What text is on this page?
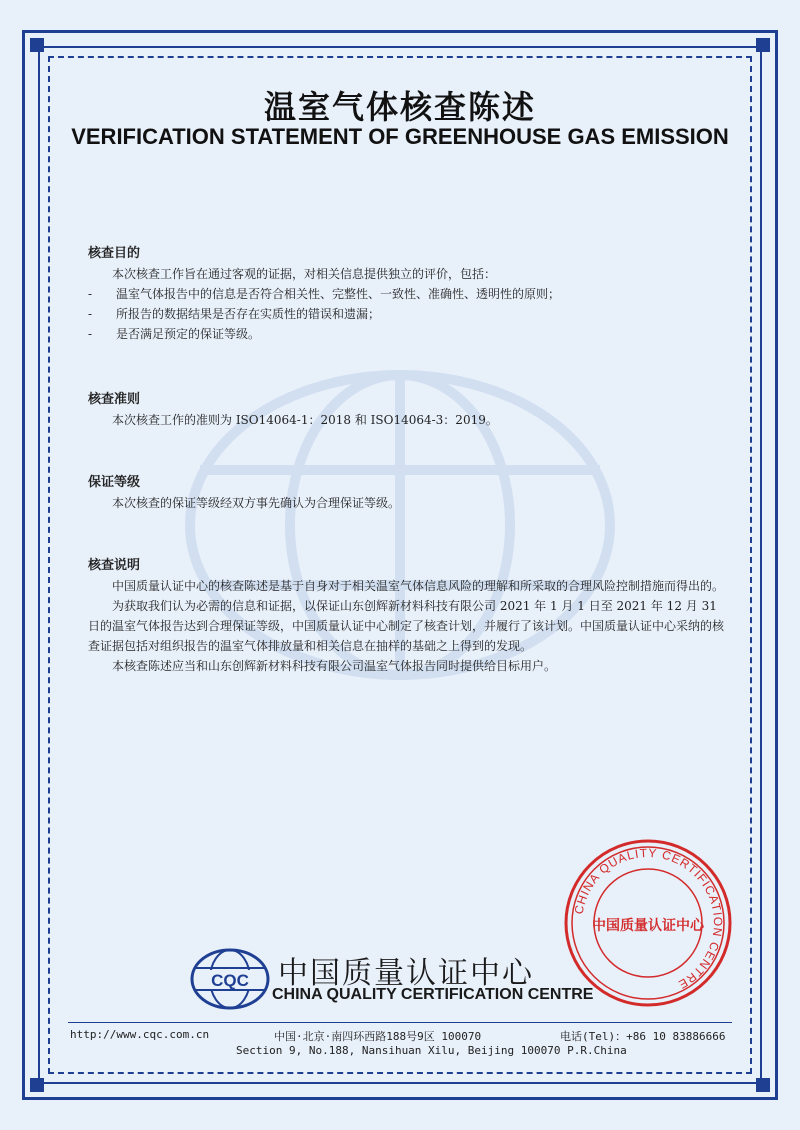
温室气体核查陈述
VERIFICATION STATEMENT OF GREENHOUSE GAS EMISSION
核查目的

本次核查工作旨在通过客观的证据，对相关信息提供独立的评价，包括：

-	温室气体报告中的信息是否符合相关性、完整性、一致性、准确性、透明性的原则；
-	所报告的数据结果是否存在实质性的错误和遗漏；
-	是否满足预定的保证等级。
核查准则

本次核查工作的准则为 ISO14064-1：2018 和 ISO14064-3：2019。

保证等级

本次核查的保证等级经双方事先确认为合理保证等级。

核查说明

中国质量认证中心的核查陈述是基于自身对于相关温室气体信息风险的理解和所采取的合理风险控制措施而得出的。

为获取我们认为必需的信息和证据，以保证山东创辉新材料科技有限公司 2021 年 1 月 1 日至 2021 年 12 月 31 日的温室气体报告达到合理保证等级，中国质量认证中心制定了核查计划，并履行了该计划。中国质量认证中心采纳的核查证据包括对组织报告的温室气体排放量和相关信息在抽样的基础之上得到的发现。

本核查陈述应当和山东创辉新材料科技有限公司温室气体报告同时提供给目标用户。

CHINA QUALITY CERTIFICATION CENTRE
中国质量认证中心
CQC 中国质量认证中心
CHINA QUALITY CERTIFICATION CENTRE
http://www.cqc.com.cn	中国·北京·南四环西路188号9区 100070	电话(Tel)：+86 10 83886666
Section 9, No.188, Nansihuan Xilu, Beijing 100070 P.R.China
